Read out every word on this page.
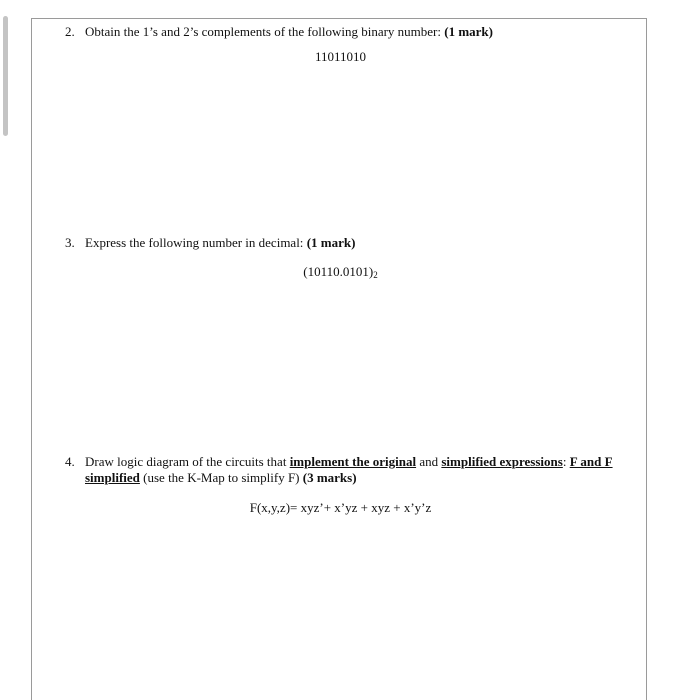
2. Obtain the 1’s and 2’s complements of the following binary number: (1 mark)
11011010
3. Express the following number in decimal: (1 mark)
$(10110.0101)_2$
4. Draw logic diagram of the circuits that implement the original and simplified expressions: F and F
simplified (use the K-Map to simplify F) (3 marks)
F(x,y,z)= xyz’+ x’yz + xyz + x’y’z
